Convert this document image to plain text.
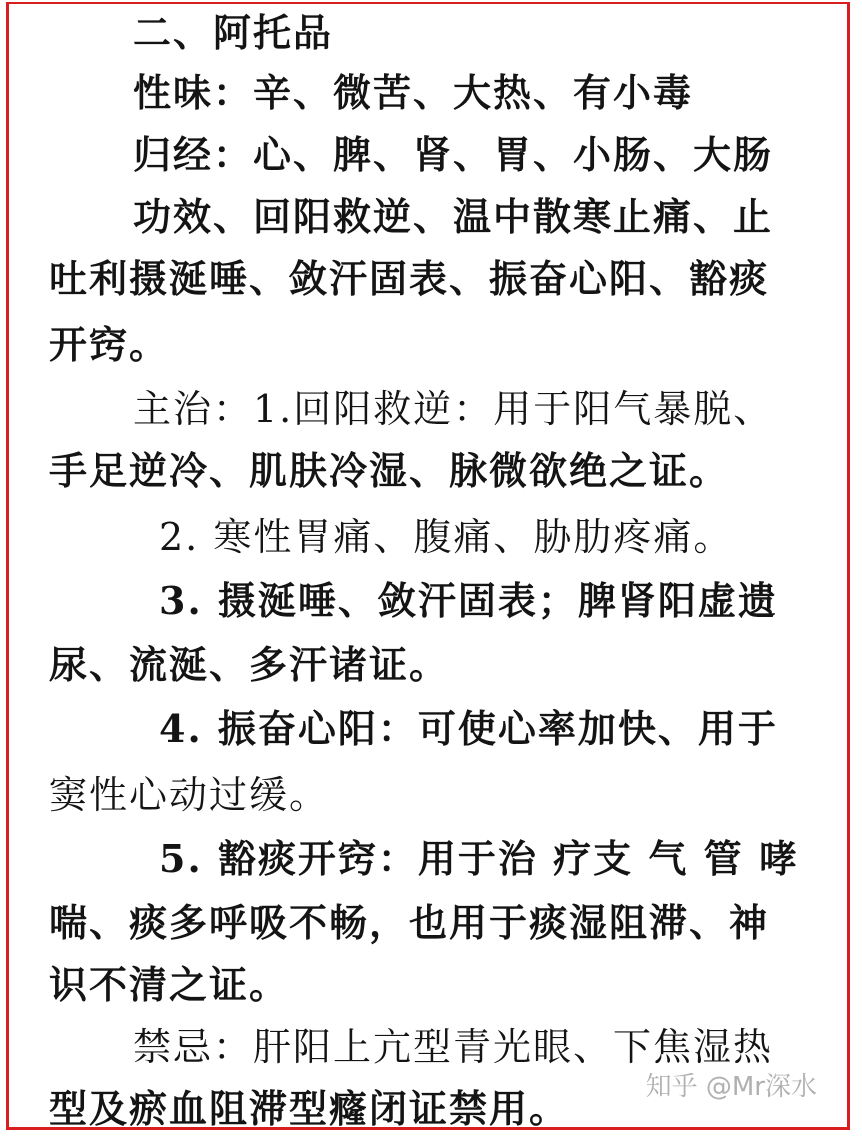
二、阿托品
性味：辛、微苦、大热、有小毒
归经：心、脾、肾、胃、小肠、大肠
功效、回阳救逆、温中散寒止痛、止
吐利摄涎唾、敛汗固表、振奋心阳、豁痰
开窍。
主治：1.回阳救逆：用于阳气暴脱、
手足逆冷、肌肤冷湿、脉微欲绝之证。
2. 寒性胃痛、腹痛、胁肋疼痛。
3. 摄涎唾、敛汗固表；脾肾阳虚遗
尿、流涎、多汗诸证。
4. 振奋心阳：可使心率加快、用于
窦性心动过缓。
5. 豁痰开窍：用于治 疗支 气 管 哮
喘、痰多呼吸不畅，也用于痰湿阻滞、神
识不清之证。
禁忌：肝阳上亢型青光眼、下焦湿热
型及瘀血阻滞型癃闭证禁用。	知乎 @Mr深水
